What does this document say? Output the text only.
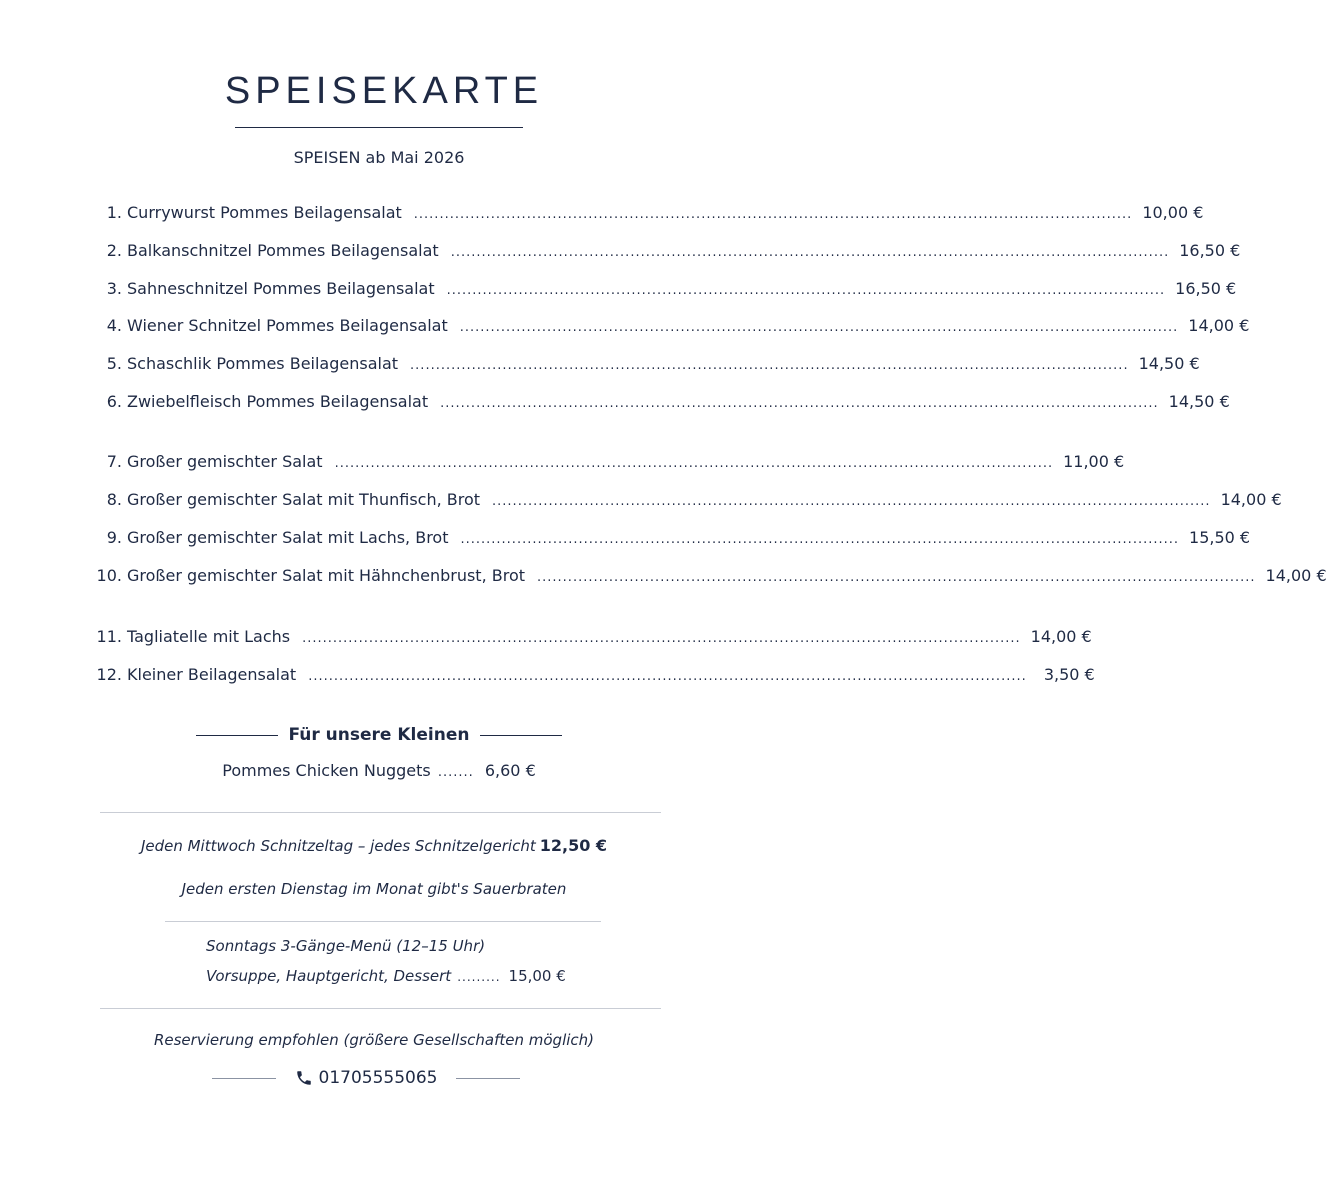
SPEISEKARTE
SPEISEN ab Mai 2026
1. Currywurst Pommes Beilagensalat ............................................................................................................................................ 10,00 €
2. Balkanschnitzel Pommes Beilagensalat ............................................................................................................................................ 16,50 €
3. Sahneschnitzel Pommes Beilagensalat ............................................................................................................................................ 16,50 €
4. Wiener Schnitzel Pommes Beilagensalat ............................................................................................................................................ 14,00 €
5. Schaschlik Pommes Beilagensalat ............................................................................................................................................ 14,50 €
6. Zwiebelfleisch Pommes Beilagensalat ............................................................................................................................................ 14,50 €
7. Großer gemischter Salat ............................................................................................................................................ 11,00 €
8. Großer gemischter Salat mit Thunfisch, Brot ............................................................................................................................................ 14,00 €
9. Großer gemischter Salat mit Lachs, Brot ............................................................................................................................................ 15,50 €
10. Großer gemischter Salat mit Hähnchenbrust, Brot ............................................................................................................................................ 14,00 €
11. Tagliatelle mit Lachs ............................................................................................................................................ 14,00 €
12. Kleiner Beilagensalat ............................................................................................................................................	3,50 €
Für unsere Kleinen
Pommes Chicken Nuggets ....... 6,60 €
Jeden Mittwoch Schnitzeltag – jedes Schnitzelgericht 12,50 €
Jeden ersten Dienstag im Monat gibt's Sauerbraten
Sonntags 3-Gänge-Menü (12–15 Uhr)
Vorsuppe, Hauptgericht, Dessert ......... 15,00 €
Reservierung empfohlen (größere Gesellschaften möglich)
01705555065
